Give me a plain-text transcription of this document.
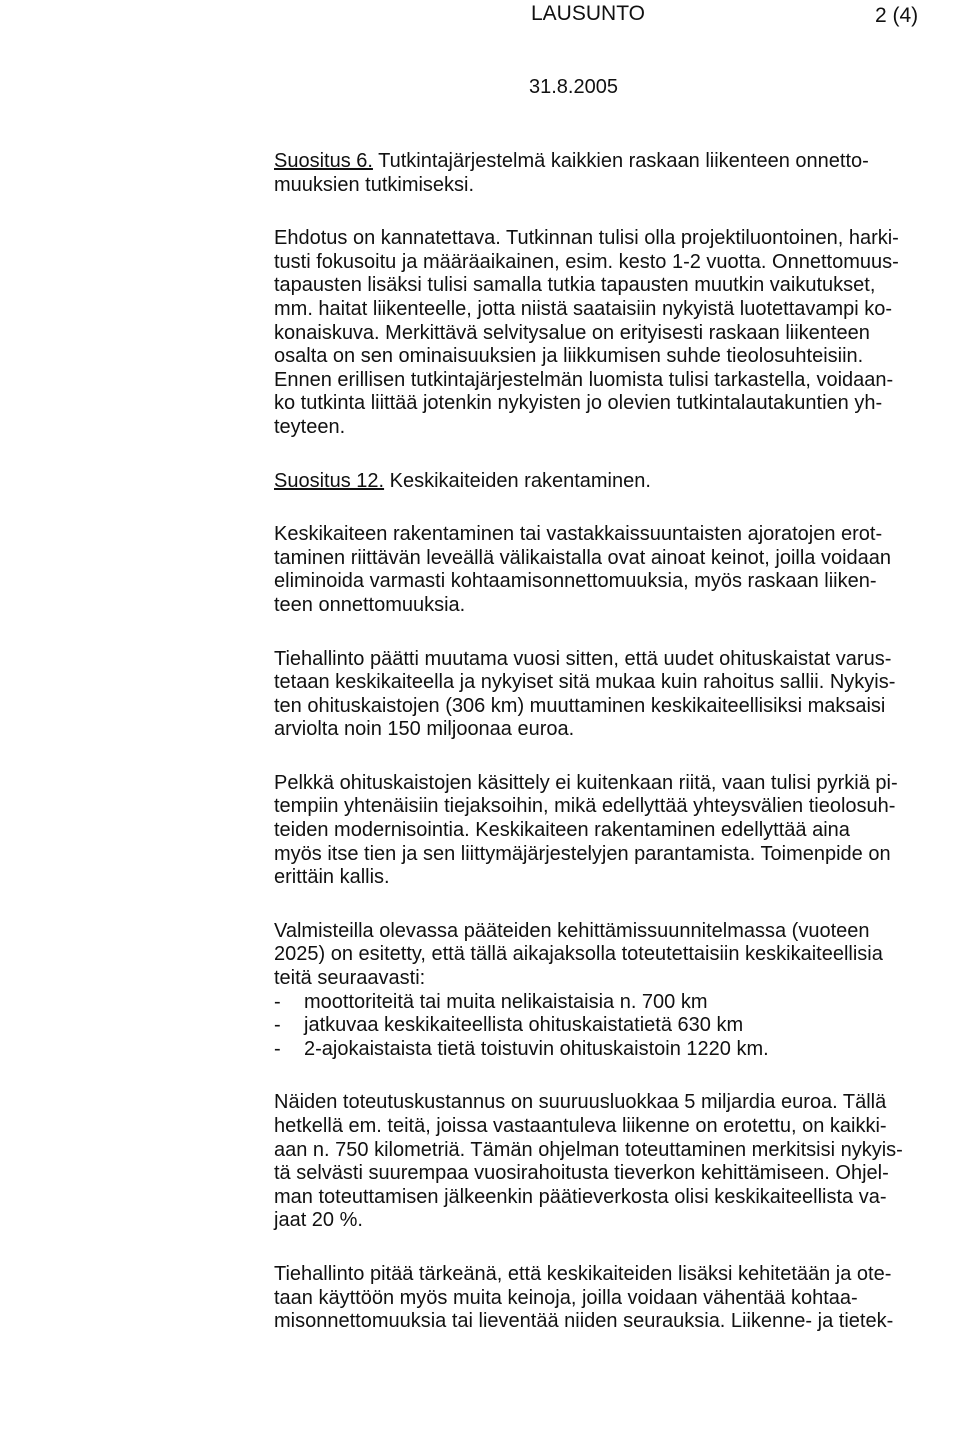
LAUSUNTO	2 (4)
31.8.2005
Suositus 6. Tutkintajärjestelmä kaikkien raskaan liikenteen onnetto-
muuksien tutkimiseksi.
Ehdotus on kannatettava. Tutkinnan tulisi olla projektiluontoinen, harki-
tusti fokusoitu ja määräaikainen, esim. kesto 1-2 vuotta. Onnettomuus-
tapausten lisäksi tulisi samalla tutkia tapausten muutkin vaikutukset,
mm. haitat liikenteelle, jotta niistä saataisiin nykyistä luotettavampi ko-
konaiskuva. Merkittävä selvitysalue on erityisesti raskaan liikenteen
osalta on sen ominaisuuksien ja liikkumisen suhde tieolosuhteisiin.
Ennen erillisen tutkintajärjestelmän luomista tulisi tarkastella, voidaan-
ko tutkinta liittää jotenkin nykyisten jo olevien tutkintalautakuntien yh-
teyteen.
Suositus 12. Keskikaiteiden rakentaminen.
Keskikaiteen rakentaminen tai vastakkaissuuntaisten ajoratojen erot-
taminen riittävän leveällä välikaistalla ovat ainoat keinot, joilla voidaan
eliminoida varmasti kohtaamisonnettomuuksia, myös raskaan liiken-
teen onnettomuuksia.
Tiehallinto päätti muutama vuosi sitten, että uudet ohituskaistat varus-
tetaan keskikaiteella ja nykyiset sitä mukaa kuin rahoitus sallii. Nykyis-
ten ohituskaistojen (306 km) muuttaminen keskikaiteellisiksi maksaisi
arviolta noin 150 miljoonaa euroa.
Pelkkä ohituskaistojen käsittely ei kuitenkaan riitä, vaan tulisi pyrkiä pi-
tempiin yhtenäisiin tiejaksoihin, mikä edellyttää yhteysvälien tieolosuh-
teiden modernisointia. Keskikaiteen rakentaminen edellyttää aina
myös itse tien ja sen liittymäjärjestelyjen parantamista. Toimenpide on
erittäin kallis.
Valmisteilla olevassa pääteiden kehittämissuunnitelmassa (vuoteen
2025) on esitetty, että tällä aikajaksolla toteutettaisiin keskikaiteellisia
teitä seuraavasti:
- moottoriteitä tai muita nelikaistaisia n. 700 km
- jatkuvaa keskikaiteellista ohituskaistatietä 630 km
- 2-ajokaistaista tietä toistuvin ohituskaistoin 1220 km.
Näiden toteutuskustannus on suuruusluokkaa 5 miljardia euroa. Tällä
hetkellä em. teitä, joissa vastaantuleva liikenne on erotettu, on kaikki-
aan n. 750 kilometriä. Tämän ohjelman toteuttaminen merkitsisi nykyis-
tä selvästi suurempaa vuosirahoitusta tieverkon kehittämiseen. Ohjel-
man toteuttamisen jälkeenkin päätieverkosta olisi keskikaiteellista va-
jaat 20 %.
Tiehallinto pitää tärkeänä, että keskikaiteiden lisäksi kehitetään ja ote-
taan käyttöön myös muita keinoja, joilla voidaan vähentää kohtaa-
misonnettomuuksia tai lieventää niiden seurauksia. Liikenne- ja tietek-
